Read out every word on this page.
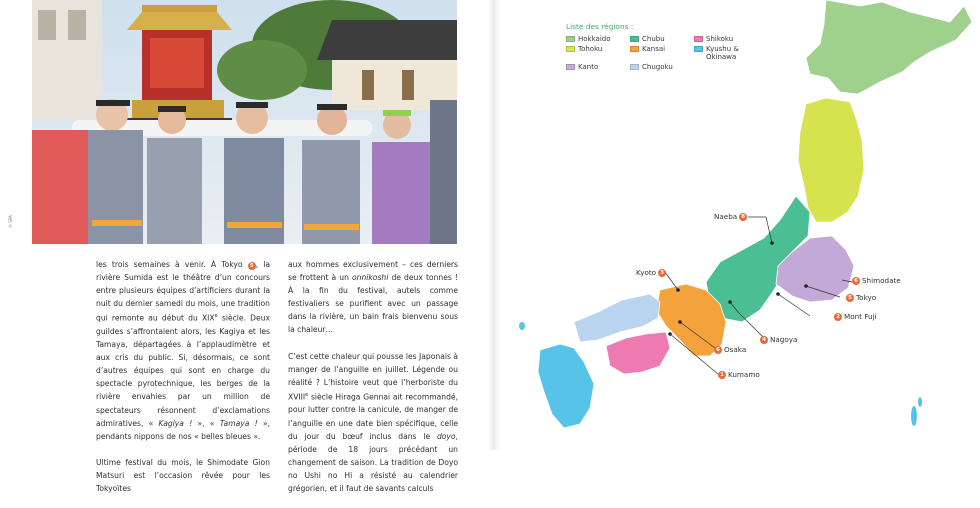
© SPA

les trois semaines à venir. À Tokyo 5 , la rivière Sumida est le théâtre d’un concours entre plusieurs équipes d’artificiers durant la nuit du dernier samedi du mois, une tradition qui remonte au début du XIXe siècle. Deux guildes s’affrontaient alors, les Kagiya et les Tamaya, départagées à l’applaudimètre et aux cris du public. Si, désormais, ce sont d’autres équipes qui sont en charge du spectacle pyrotechnique, les berges de la rivière envahies par un million de spectateurs résonnent d’exclamations admiratives, « Kagiya ! », « Tamaya ! », pendants nippons de nos « belles bleues ».

Ultime festival du mois, le Shimodate Gion Matsuri est l’occasion rêvée pour les Tokyoïtes

aux hommes exclusivement – ces derniers se frottent à un onnikoshi de deux tonnes ! À la fin du festival, autels comme festivaliers se purifient avec un passage dans la rivière, un bain frais bienvenu sous la chaleur…

C’est cette chaleur qui pousse les Japonais à manger de l’anguille en juillet. Légende ou réalité ? L’histoire veut que l’herboriste du XVIIIe siècle Hiraga Gennai ait recommandé, pour lutter contre la canicule, de manger de l’anguille en une date bien spécifique, celle du jour du bœuf inclus dans le doyo, période de 18 jours précédant un changement de saison. La tradition de Doyo no Ushi no Hi a résisté au calendrier grégorien, et il faut de savants calculs

Naeba 8
Kyoto 3
6 Shimodate
5 Tokyo
2 Mont Fuji
4 Nagoya
6 Osaka
1 Kumamo
Liste des régions :
Hokkaido	Chubu	Shikoku
Tohoku	Kansai	Kyushu & Okinawa
Kanto	Chugoku
